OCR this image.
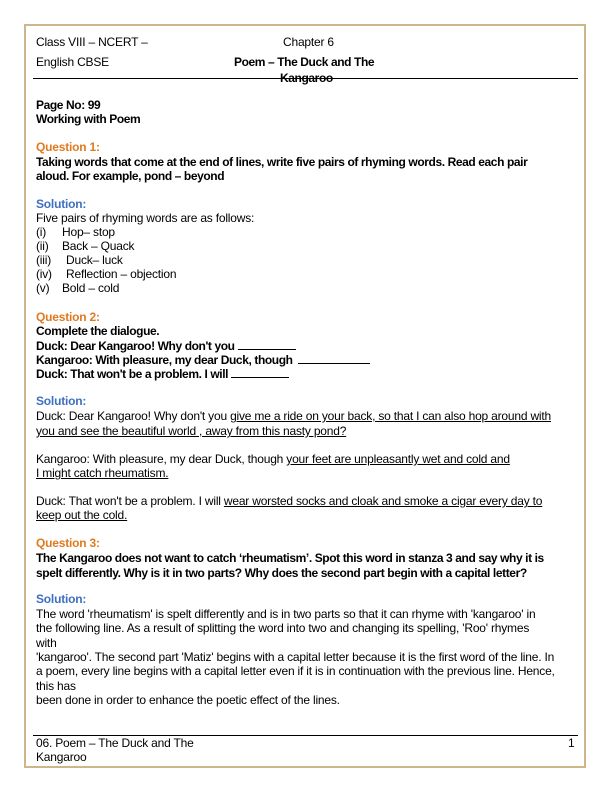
Class VIII – NCERT –
English CBSE
Chapter 6
Poem – The Duck and The
Kangaroo
Page No: 99
Working with Poem
Question 1:
Taking words that come at the end of lines, write five pairs of rhyming words. Read each pair
aloud. For example, pond – beyond
Solution:
Five pairs of rhyming words are as follows:
Question 2:
Complete the dialogue.
Duck: Dear Kangaroo! Why don't you
Kangaroo: With pleasure, my dear Duck, though
Duck: That won't be a problem. I will
Solution:
Duck: Dear Kangaroo! Why don't you give me a ride on your back, so that I can also hop around with
you and see the beautiful world , away from this nasty pond?
Kangaroo: With pleasure, my dear Duck, though your feet are unpleasantly wet and cold and
I might catch rheumatism.
Duck: That won't be a problem. I will wear worsted socks and cloak and smoke a cigar every day to
keep out the cold.
Question 3:
The Kangaroo does not want to catch ‘rheumatism’. Spot this word in stanza 3 and say why it is
spelt differently. Why is it in two parts? Why does the second part begin with a capital letter?
Solution:
06. Poem – The Duck and The
Kangaroo
1
(i) Hop– stop
(ii) Back – Quack
(iii) Duck– luck
(iv) Reflection – objection
(v) Bold – cold
The word 'rheumatism' is spelt differently and is in two parts so that it can rhyme with 'kangaroo' in
the following line. As a result of splitting the word into two and changing its spelling, 'Roo' rhymes
with
'kangaroo'. The second part 'Matiz' begins with a capital letter because it is the first word of the line. In
a poem, every line begins with a capital letter even if it is in continuation with the previous line. Hence,
this has
been done in order to enhance the poetic effect of the lines.
